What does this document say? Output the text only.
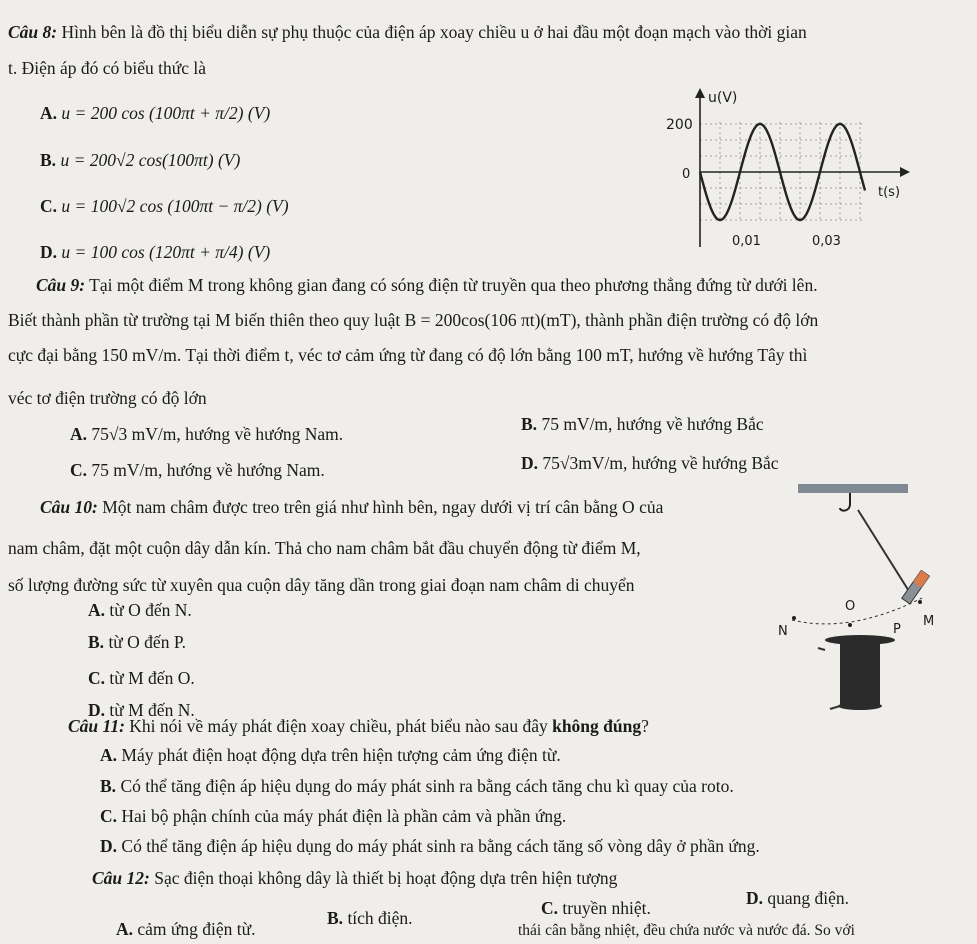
Câu 8: Hình bên là đồ thị biểu diễn sự phụ thuộc của điện áp xoay chiều u ở hai đầu một đoạn mạch vào thời gian
t. Điện áp đó có biểu thức là
A. u = 200 cos (100πt + π/2) (V)
B. u = 200√2 cos(100πt) (V)
C. u = 100√2 cos (100πt − π/2) (V)
D. u = 100 cos (120πt + π/4) (V)
u(V)
200
0
t(s)
0,01	0,03
Câu 9: Tại một điểm M trong không gian đang có sóng điện từ truyền qua theo phương thẳng đứng từ dưới lên.
Biết thành phần từ trường tại M biến thiên theo quy luật B = 200cos(106 πt)(mT), thành phần điện trường có độ lớn
cực đại bằng 150 mV/m. Tại thời điểm t, véc tơ cảm ứng từ đang có độ lớn bằng 100 mT, hướng về hướng Tây thì
véc tơ điện trường có độ lớn
A. 75√3 mV/m, hướng về hướng Nam.	B. 75 mV/m, hướng về hướng Bắc
C. 75 mV/m, hướng về hướng Nam.	D. 75√3mV/m, hướng về hướng Bắc
Câu 10: Một nam châm được treo trên giá như hình bên, ngay dưới vị trí cân bằng O của
nam châm, đặt một cuộn dây dẫn kín. Thả cho nam châm bắt đầu chuyển động từ điểm M,
số lượng đường sức từ xuyên qua cuộn dây tăng dần trong giai đoạn nam châm di chuyển
A. từ O đến N.
B. từ O đến P.
C. từ M đến O.
D. từ M đến N.
O
N	P
M
Câu 11: Khi nói về máy phát điện xoay chiều, phát biểu nào sau đây không đúng?
A. Máy phát điện hoạt động dựa trên hiện tượng cảm ứng điện từ.
B. Có thể tăng điện áp hiệu dụng do máy phát sinh ra bằng cách tăng chu kì quay của roto.
C. Hai bộ phận chính của máy phát điện là phần cảm và phần ứng.
D. Có thể tăng điện áp hiệu dụng do máy phát sinh ra bằng cách tăng số vòng dây ở phần ứng.
Câu 12: Sạc điện thoại không dây là thiết bị hoạt động dựa trên hiện tượng
A. cảm ứng điện từ.
B. tích điện.	C. truyền nhiệt.	D. quang điện.
thái cân bằng nhiệt, đều chứa nước và nước đá. So với
